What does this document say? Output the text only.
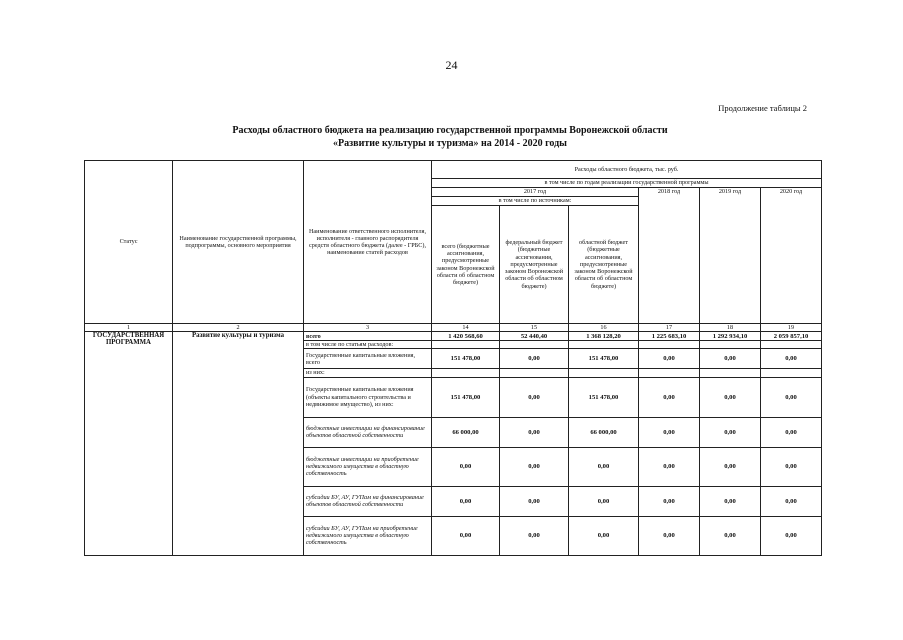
24
Продолжение таблицы 2
Расходы областного бюджета на реализацию государственной программы Воронежской области
«Развитие культуры и туризма» на 2014 - 2020 годы
Статус	Наименование государственной программы, подпрограммы, основного мероприятия	Наименование ответственного исполнителя, исполнителя - главного распорядителя средств областного бюджета (далее - ГРБС), наименование статей расходов	Расходы областного бюджета, тыс. руб.					
			в том числе по годам реализации государственной программы					
			2017 год			2018 год	2019 год	2020 год
			в том числе по источникам:					
			всего (бюджетные ассигнования, предусмотренные законом Воронежской области об областном бюджете)	федеральный бюджет (бюджетные ассигнования, предусмотренные законом Воронежской области об областном бюджете)	областной бюджет (бюджетные ассигнования, предусмотренные законом Воронежской области об областном бюджете)			
1	2	3	14	15	16	17	18	19
ГОСУДАРСТВЕННАЯ ПРОГРАММА	Развитие культуры и туризма	всего	1 420 568,60	52 440,40	1 368 128,20	1 225 683,10	1 292 934,10	2 059 857,10
		в том числе по статьям расходов:						
		Государственные капитальные вложения, всего	151 478,00	0,00	151 478,00	0,00	0,00	0,00
		из них:						
		Государственные капитальные вложения (объекты капитального строительства и недвижимое имущество), из них:	151 478,00	0,00	151 478,00	0,00	0,00	0,00
		бюджетные инвестиции на финансирование объектов областной собственности	66 000,00	0,00	66 000,00	0,00	0,00	0,00
		бюджетные инвестиции на приобретение недвижимого имущества в областную собственность	0,00	0,00	0,00	0,00	0,00	0,00
		субсидии БУ, АУ, ГУПам на финансирование объектов областной собственности	0,00	0,00	0,00	0,00	0,00	0,00
		субсидии БУ, АУ, ГУПам на приобретение недвижимого имущества в областную собственность	0,00	0,00	0,00	0,00	0,00	0,00
